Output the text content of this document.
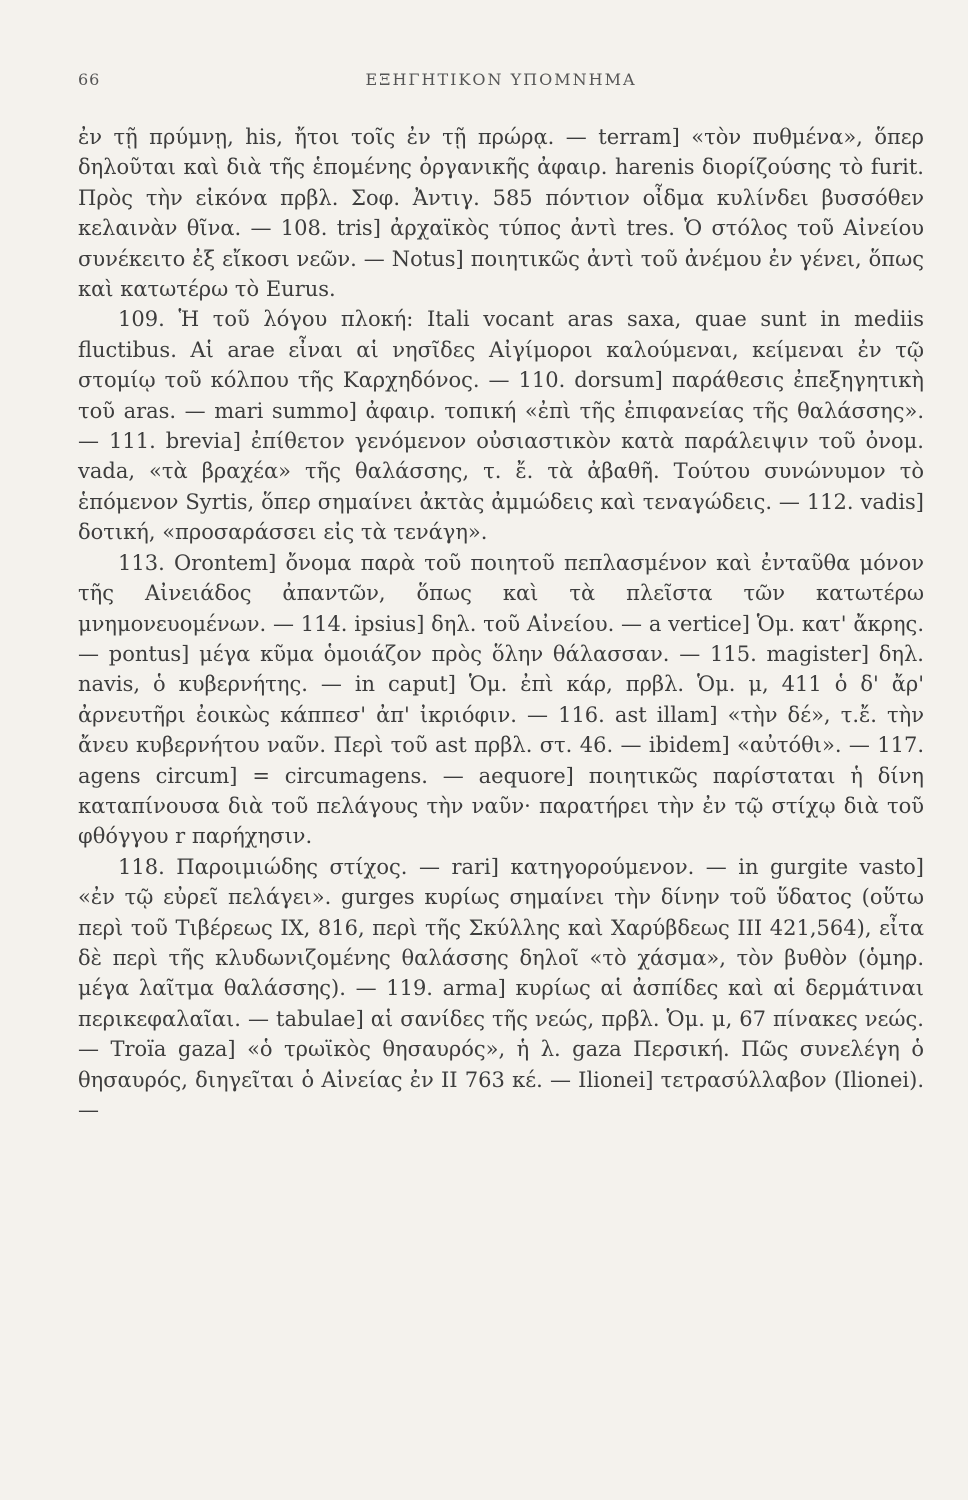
66	ΕΞΗΓΗΤΙΚΟΝ ΥΠΟΜΝΗΜΑ

ἐν τῇ πρύμνῃ, his, ἤτοι τοῖς ἐν τῇ πρώρᾳ. — terram] «τὸν πυθμένα», ὅπερ δηλοῦται καὶ διὰ τῆς ἑπομένης ὀργανικῆς ἀφαιρ. harenis διορίζούσης τὸ furit. Πρὸς τὴν εἰκόνα πρβλ. Σοφ. Ἀντιγ. 585 πόντιον οἶδμα κυλίνδει βυσσόθεν κελαινὰν θῖνα. — 108. tris] ἀρχαϊκὸς τύπος ἀντὶ tres. Ὁ στόλος τοῦ Αἰνείου συνέκειτο ἐξ εἴκοσι νεῶν. — Notus] ποιητικῶς ἀντὶ τοῦ ἀνέμου ἐν γένει, ὅπως καὶ κατωτέρω τὸ Eurus.

109. Ἡ τοῦ λόγου πλοκή: Itali vocant aras saxa, quae sunt in mediis fluctibus. Αἱ arae εἶναι αἱ νησῖδες Αἰγίμοροι καλούμεναι, κείμεναι ἐν τῷ στομίῳ τοῦ κόλπου τῆς Καρχηδόνος. — 110. dorsum] παράθεσις ἐπεξηγητικὴ τοῦ aras. — mari summo] ἀφαιρ. τοπική «ἐπὶ τῆς ἐπιφανείας τῆς θαλάσσης». — 111. brevia] ἐπίθετον γενόμενον οὐσιαστικὸν κατὰ παράλειψιν τοῦ ὀνομ. vada, «τὰ βραχέα» τῆς θαλάσσης, τ. ἔ. τὰ ἀβαθῆ. Τούτου συνώνυμον τὸ ἑπόμενον Syrtis, ὅπερ σημαίνει ἀκτὰς ἀμμώδεις καὶ τεναγώδεις. — 112. vadis] δοτική, «προσαράσσει εἰς τὰ τενάγη».

113. Orontem] ὄνομα παρὰ τοῦ ποιητοῦ πεπλασμένον καὶ ἐνταῦθα μόνον τῆς Αἰνειάδος ἀπαντῶν, ὅπως καὶ τὰ πλεῖστα τῶν κατωτέρω μνημονευομένων. — 114. ipsius] δηλ. τοῦ Αἰνείου. — a vertice] Ὁμ. κατ' ἄκρης. — pontus] μέγα κῦμα ὁμοιάζον πρὸς ὅλην θάλασσαν. — 115. magister] δηλ. navis, ὁ κυβερνήτης. — in caput] Ὁμ. ἐπὶ κάρ, πρβλ. Ὁμ. μ, 411 ὁ δ' ἄρ' ἀρνευτῆρι ἐοικὼς κάππεσ' ἀπ' ἰκριόφιν. — 116. ast illam] «τὴν δέ», τ.ἔ. τὴν ἄνευ κυβερνήτου ναῦν. Περὶ τοῦ ast πρβλ. στ. 46. — ibidem] «αὐτόθι». — 117. agens circum] = circumagens. — aequore] ποιητικῶς παρίσταται ἡ δίνη καταπίνουσα διὰ τοῦ πελάγους τὴν ναῦν· παρατήρει τὴν ἐν τῷ στίχῳ διὰ τοῦ φθόγγου r παρήχησιν.

118. Παροιμιώδης στίχος. — rari] κατηγορούμενον. — in gurgite vasto] «ἐν τῷ εὐρεῖ πελάγει». gurges κυρίως σημαίνει τὴν δίνην τοῦ ὕδατος (οὕτω περὶ τοῦ Τιβέρεως IX, 816, περὶ τῆς Σκύλλης καὶ Χαρύβδεως III 421,564), εἶτα δὲ περὶ τῆς κλυδωνιζομένης θαλάσσης δηλοῖ «τὸ χάσμα», τὸν βυθὸν (ὁμηρ. μέγα λαῖτμα θαλάσσης). — 119. arma] κυρίως αἱ ἀσπίδες καὶ αἱ δερμάτιναι περικεφαλαῖαι. — tabulae] αἱ σανίδες τῆς νεώς, πρβλ. Ὁμ. μ, 67 πίνακες νεώς. — Troïa gaza] «ὁ τρωϊκὸς θησαυρός», ἡ λ. gaza Περσική. Πῶς συνελέγη ὁ θησαυρός, διηγεῖται ὁ Αἰνείας ἐν II 763 κέ. — Ilionei] τετρασύλλαβον (Ilionei). —
